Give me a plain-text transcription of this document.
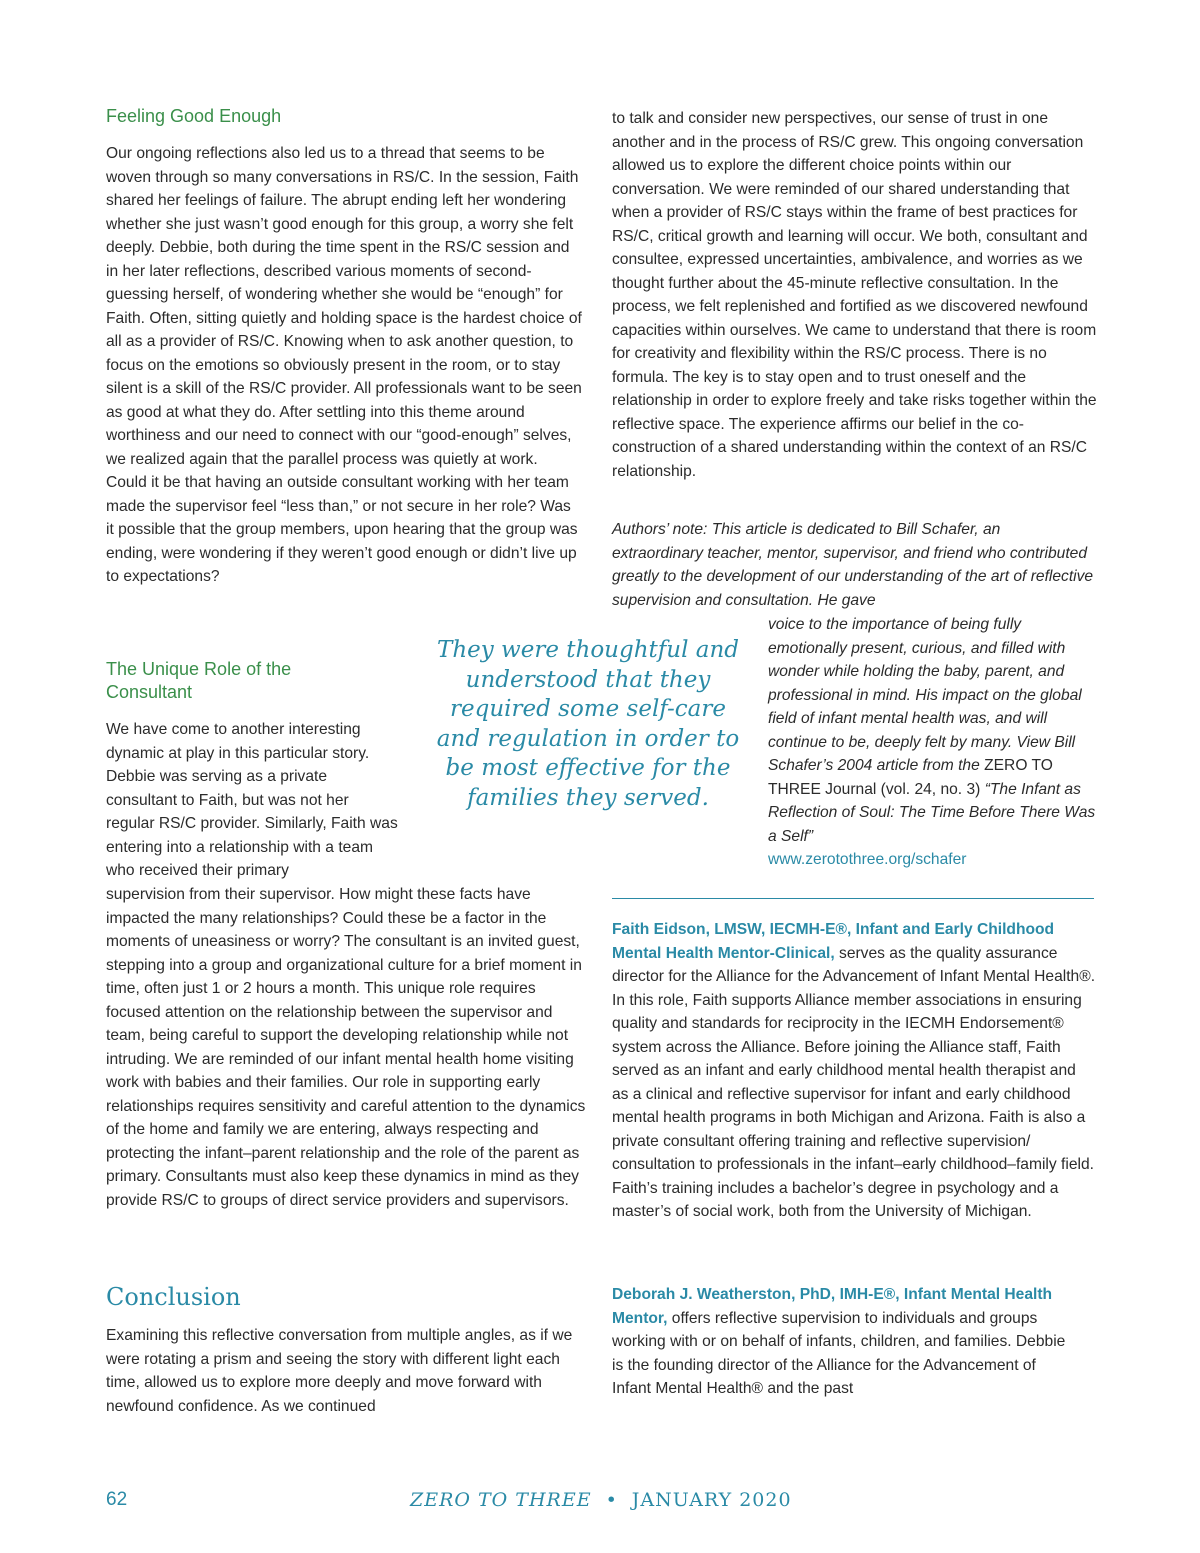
Feeling Good Enough

Our ongoing reflections also led us to a thread that seems to be woven through so many conversations in RS/C. In the session, Faith shared her feelings of failure. The abrupt ending left her wondering whether she just wasn’t good enough for this group, a worry she felt deeply. Debbie, both during the time spent in the RS/C session and in her later reflections, described various moments of second-guessing herself, of wondering whether she would be “enough” for Faith. Often, sitting quietly and holding space is the hardest choice of all as a provider of RS/C. Knowing when to ask another question, to focus on the emotions so obviously present in the room, or to stay silent is a skill of the RS/C provider. All professionals want to be seen as good at what they do. After settling into this theme around worthiness and our need to connect with our “good-enough” selves, we realized again that the parallel process was quietly at work. Could it be that having an outside consultant working with her team made the supervisor feel “less than,” or not secure in her role? Was it possible that the group members, upon hearing that the group was ending, were wondering if they weren’t good enough or didn’t live up to expectations?

The Unique Role of the Consultant

We have come to another interesting dynamic at play in this particular story. Debbie was serving as a private consultant to Faith, but was not her regular RS/C provider. Similarly, Faith was entering into a relationship with a team who received their primary

supervision from their supervisor. How might these facts have impacted the many relationships? Could these be a factor in the moments of uneasiness or worry? The consultant is an invited guest, stepping into a group and organizational culture for a brief moment in time, often just 1 or 2 hours a month. This unique role requires focused attention on the relationship between the supervisor and team, being careful to support the developing relationship while not intruding. We are reminded of our infant mental health home visiting work with babies and their families. Our role in supporting early relationships requires sensitivity and careful attention to the dynamics of the home and family we are entering, always respecting and protecting the infant–parent relationship and the role of the parent as primary. Consultants must also keep these dynamics in mind as they provide RS/C to groups of direct service providers and supervisors.

Conclusion

Examining this reflective conversation from multiple angles, as if we were rotating a prism and seeing the story with different light each time, allowed us to explore more deeply and move forward with newfound confidence. As we continued

They were thoughtful and understood that they required some self-care and regulation in order to be most effective for the families they served.

to talk and consider new perspectives, our sense of trust in one another and in the process of RS/C grew. This ongoing conversation allowed us to explore the different choice points within our conversation. We were reminded of our shared understanding that when a provider of RS/C stays within the frame of best practices for RS/C, critical growth and learning will occur. We both, consultant and consultee, expressed uncertainties, ambivalence, and worries as we thought further about the 45-minute reflective consultation. In the process, we felt replenished and fortified as we discovered newfound capacities within ourselves. We came to understand that there is room for creativity and flexibility within the RS/C process. There is no formula. The key is to stay open and to trust oneself and the relationship in order to explore freely and take risks together within the reflective space. The experience affirms our belief in the co-construction of a shared understanding within the context of an RS/C relationship.

Authors’ note: This article is dedicated to Bill Schafer, an extraordinary teacher, mentor, supervisor, and friend who contributed greatly to the development of our understanding of the art of reflective supervision and consultation. He gave

voice to the importance of being fully emotionally present, curious, and filled with wonder while holding the baby, parent, and professional in mind. His impact on the global field of infant mental health was, and will continue to be, deeply felt by many. View Bill Schafer’s 2004 article from the ZERO TO THREE Journal (vol. 24, no. 3) “The Infant as Reflection of Soul: The Time Before There Was a Self”
www.zerotothree.org/schafer

Faith Eidson, LMSW, IECMH-E®, Infant and Early Childhood Mental Health Mentor-Clinical, serves as the quality assurance director for the Alliance for the Advancement of Infant Mental Health®. In this role, Faith supports Alliance member associations in ensuring quality and standards for reciprocity in the IECMH Endorsement® system across the Alliance. Before joining the Alliance staff, Faith served as an infant and early childhood mental health therapist and as a clinical and reflective supervisor for infant and early childhood mental health programs in both Michigan and Arizona. Faith is also a private consultant offering training and reflective supervision/ consultation to professionals in the infant–early childhood–family field. Faith’s training includes a bachelor’s degree in psychology and a master’s of social work, both from the University of Michigan.

Deborah J. Weatherston, PhD, IMH-E®, Infant Mental Health Mentor, offers reflective supervision to individuals and groups working with or on behalf of infants, children, and families. Debbie is the founding director of the Alliance for the Advancement of Infant Mental Health® and the past

62	ZERO TO THREE • JANUARY 2020
